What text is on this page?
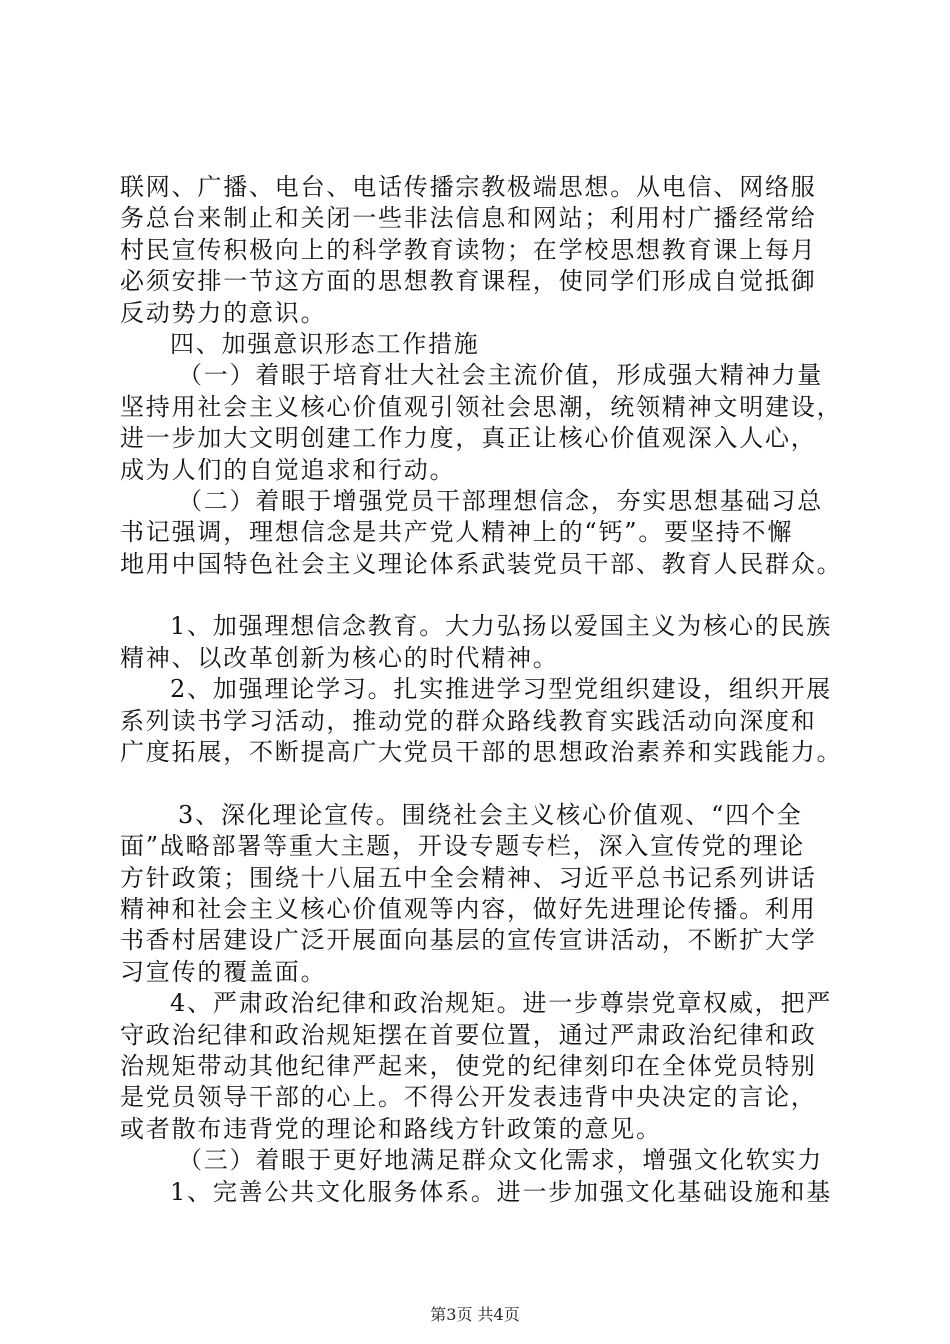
联网、广播、电台、电话传播宗教极端思想。从电信、网络服
务总台来制止和关闭一些非法信息和网站；利用村广播经常给
村民宣传积极向上的科学教育读物；在学校思想教育课上每月
必须安排一节这方面的思想教育课程，使同学们形成自觉抵御
反动势力的意识。
四、加强意识形态工作措施
（一）着眼于培育壮大社会主流价值，形成强大精神力量
坚持用社会主义核心价值观引领社会思潮，统领精神文明建设，
进一步加大文明创建工作力度，真正让核心价值观深入人心，
成为人们的自觉追求和行动。
（二）着眼于增强党员干部理想信念，夯实思想基础习总
书记强调，理想信念是共产党人精神上的“钙”。要坚持不懈
地用中国特色社会主义理论体系武装党员干部、教育人民群众。
1、加强理想信念教育。大力弘扬以爱国主义为核心的民族
精神、以改革创新为核心的时代精神。
2、加强理论学习。扎实推进学习型党组织建设，组织开展
系列读书学习活动，推动党的群众路线教育实践活动向深度和
广度拓展，不断提高广大党员干部的思想政治素养和实践能力。
3、深化理论宣传。围绕社会主义核心价值观、“四个全
面”战略部署等重大主题，开设专题专栏，深入宣传党的理论
方针政策；围绕十八届五中全会精神、习近平总书记系列讲话
精神和社会主义核心价值观等内容，做好先进理论传播。利用
书香村居建设广泛开展面向基层的宣传宣讲活动，不断扩大学
习宣传的覆盖面。
4、严肃政治纪律和政治规矩。进一步尊崇党章权威，把严
守政治纪律和政治规矩摆在首要位置，通过严肃政治纪律和政
治规矩带动其他纪律严起来，使党的纪律刻印在全体党员特别
是党员领导干部的心上。不得公开发表违背中央决定的言论，
或者散布违背党的理论和路线方针政策的意见。
（三）着眼于更好地满足群众文化需求，增强文化软实力
1、完善公共文化服务体系。进一步加强文化基础设施和基
第3页 共4页
